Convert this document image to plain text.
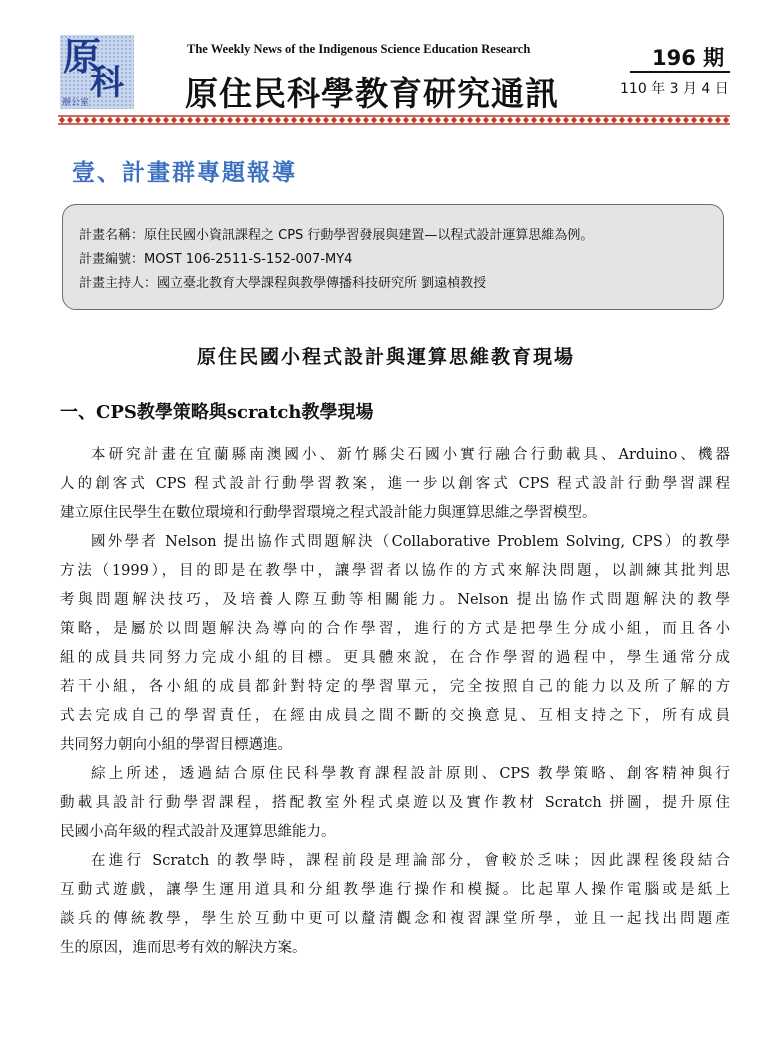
原
科
辦公室
The Weekly News of the Indigenous Science Education Research
原住民科學教育研究通訊
196 期
110 年 3 月 4 日
壹、計畫群專題報導
計畫名稱：原住民國小資訊課程之 CPS 行動學習發展與建置—以程式設計運算思維為例。
計畫編號：MOST 106-2511-S-152-007-MY4
計畫主持人：國立臺北教育大學課程與教學傳播科技研究所 劉遠楨教授
原住民國小程式設計與運算思維教育現場
一、CPS教學策略與scratch教學現場
本研究計畫在宜蘭縣南澳國小、新竹縣尖石國小實行融合行動載具、Arduino、機器
人的創客式 CPS 程式設計行動學習教案，進一步以創客式 CPS 程式設計行動學習課程
建立原住民學生在數位環境和行動學習環境之程式設計能力與運算思維之學習模型。
國外學者 Nelson 提出協作式問題解決（Collaborative Problem Solving, CPS）的教學
方法（1999），目的即是在教學中，讓學習者以協作的方式來解決問題，以訓練其批判思
考與問題解決技巧，及培養人際互動等相關能力。Nelson 提出協作式問題解決的教學
策略，是屬於以問題解決為導向的合作學習，進行的方式是把學生分成小組，而且各小
組的成員共同努力完成小組的目標。更具體來說，在合作學習的過程中，學生通常分成
若干小組，各小組的成員都針對特定的學習單元，完全按照自己的能力以及所了解的方
式去完成自己的學習責任，在經由成員之間不斷的交換意見、互相支持之下，所有成員
共同努力朝向小組的學習目標邁進。
綜上所述，透過結合原住民科學教育課程設計原則、CPS 教學策略、創客精神與行
動載具設計行動學習課程，搭配教室外程式桌遊以及實作教材 Scratch 拼圖，提升原住
民國小高年級的程式設計及運算思維能力。
在進行 Scratch 的教學時，課程前段是理論部分，會較於乏味；因此課程後段結合
互動式遊戲，讓學生運用道具和分組教學進行操作和模擬。比起單人操作電腦或是紙上
談兵的傳統教學，學生於互動中更可以釐清觀念和複習課堂所學，並且一起找出問題產
生的原因，進而思考有效的解決方案。
